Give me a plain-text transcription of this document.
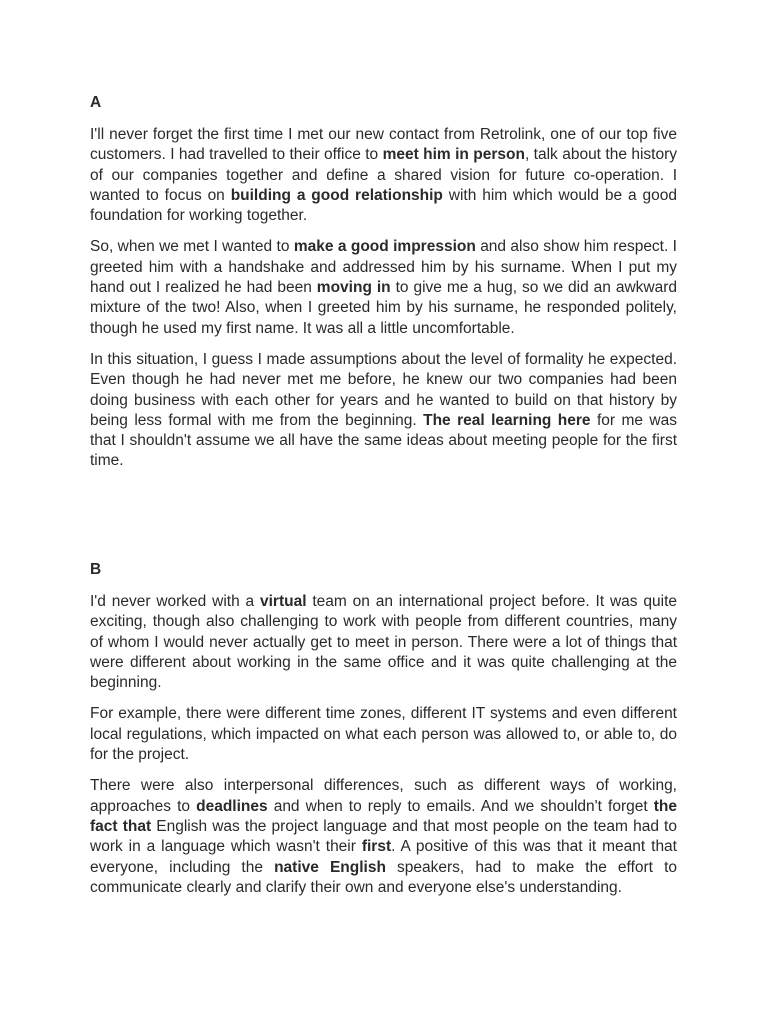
A

I'll never forget the first time I met our new contact from Retrolink, one of our top five customers. I had travelled to their office to meet him in person, talk about the history of our companies together and define a shared vision for future co-operation. I wanted to focus on building a good relationship with him which would be a good foundation for working together.

So, when we met I wanted to make a good impression and also show him respect. I greeted him with a handshake and addressed him by his surname. When I put my hand out I realized he had been moving in to give me a hug, so we did an awkward mixture of the two! Also, when I greeted him by his surname, he responded politely, though he used my first name. It was all a little uncomfortable.

In this situation, I guess I made assumptions about the level of formality he expected. Even though he had never met me before, he knew our two companies had been doing business with each other for years and he wanted to build on that history by being less formal with me from the beginning. The real learning here for me was that I shouldn't assume we all have the same ideas about meeting people for the first time.

B

I'd never worked with a virtual team on an international project before. It was quite exciting, though also challenging to work with people from different countries, many of whom I would never actually get to meet in person. There were a lot of things that were different about working in the same office and it was quite challenging at the beginning.

For example, there were different time zones, different IT systems and even different local regulations, which impacted on what each person was allowed to, or able to, do for the project.

There were also interpersonal differences, such as different ways of working, approaches to deadlines and when to reply to emails. And we shouldn't forget the fact that English was the project language and that most people on the team had to work in a language which wasn't their first. A positive of this was that it meant that everyone, including the native English speakers, had to make the effort to communicate clearly and clarify their own and everyone else's understanding.
